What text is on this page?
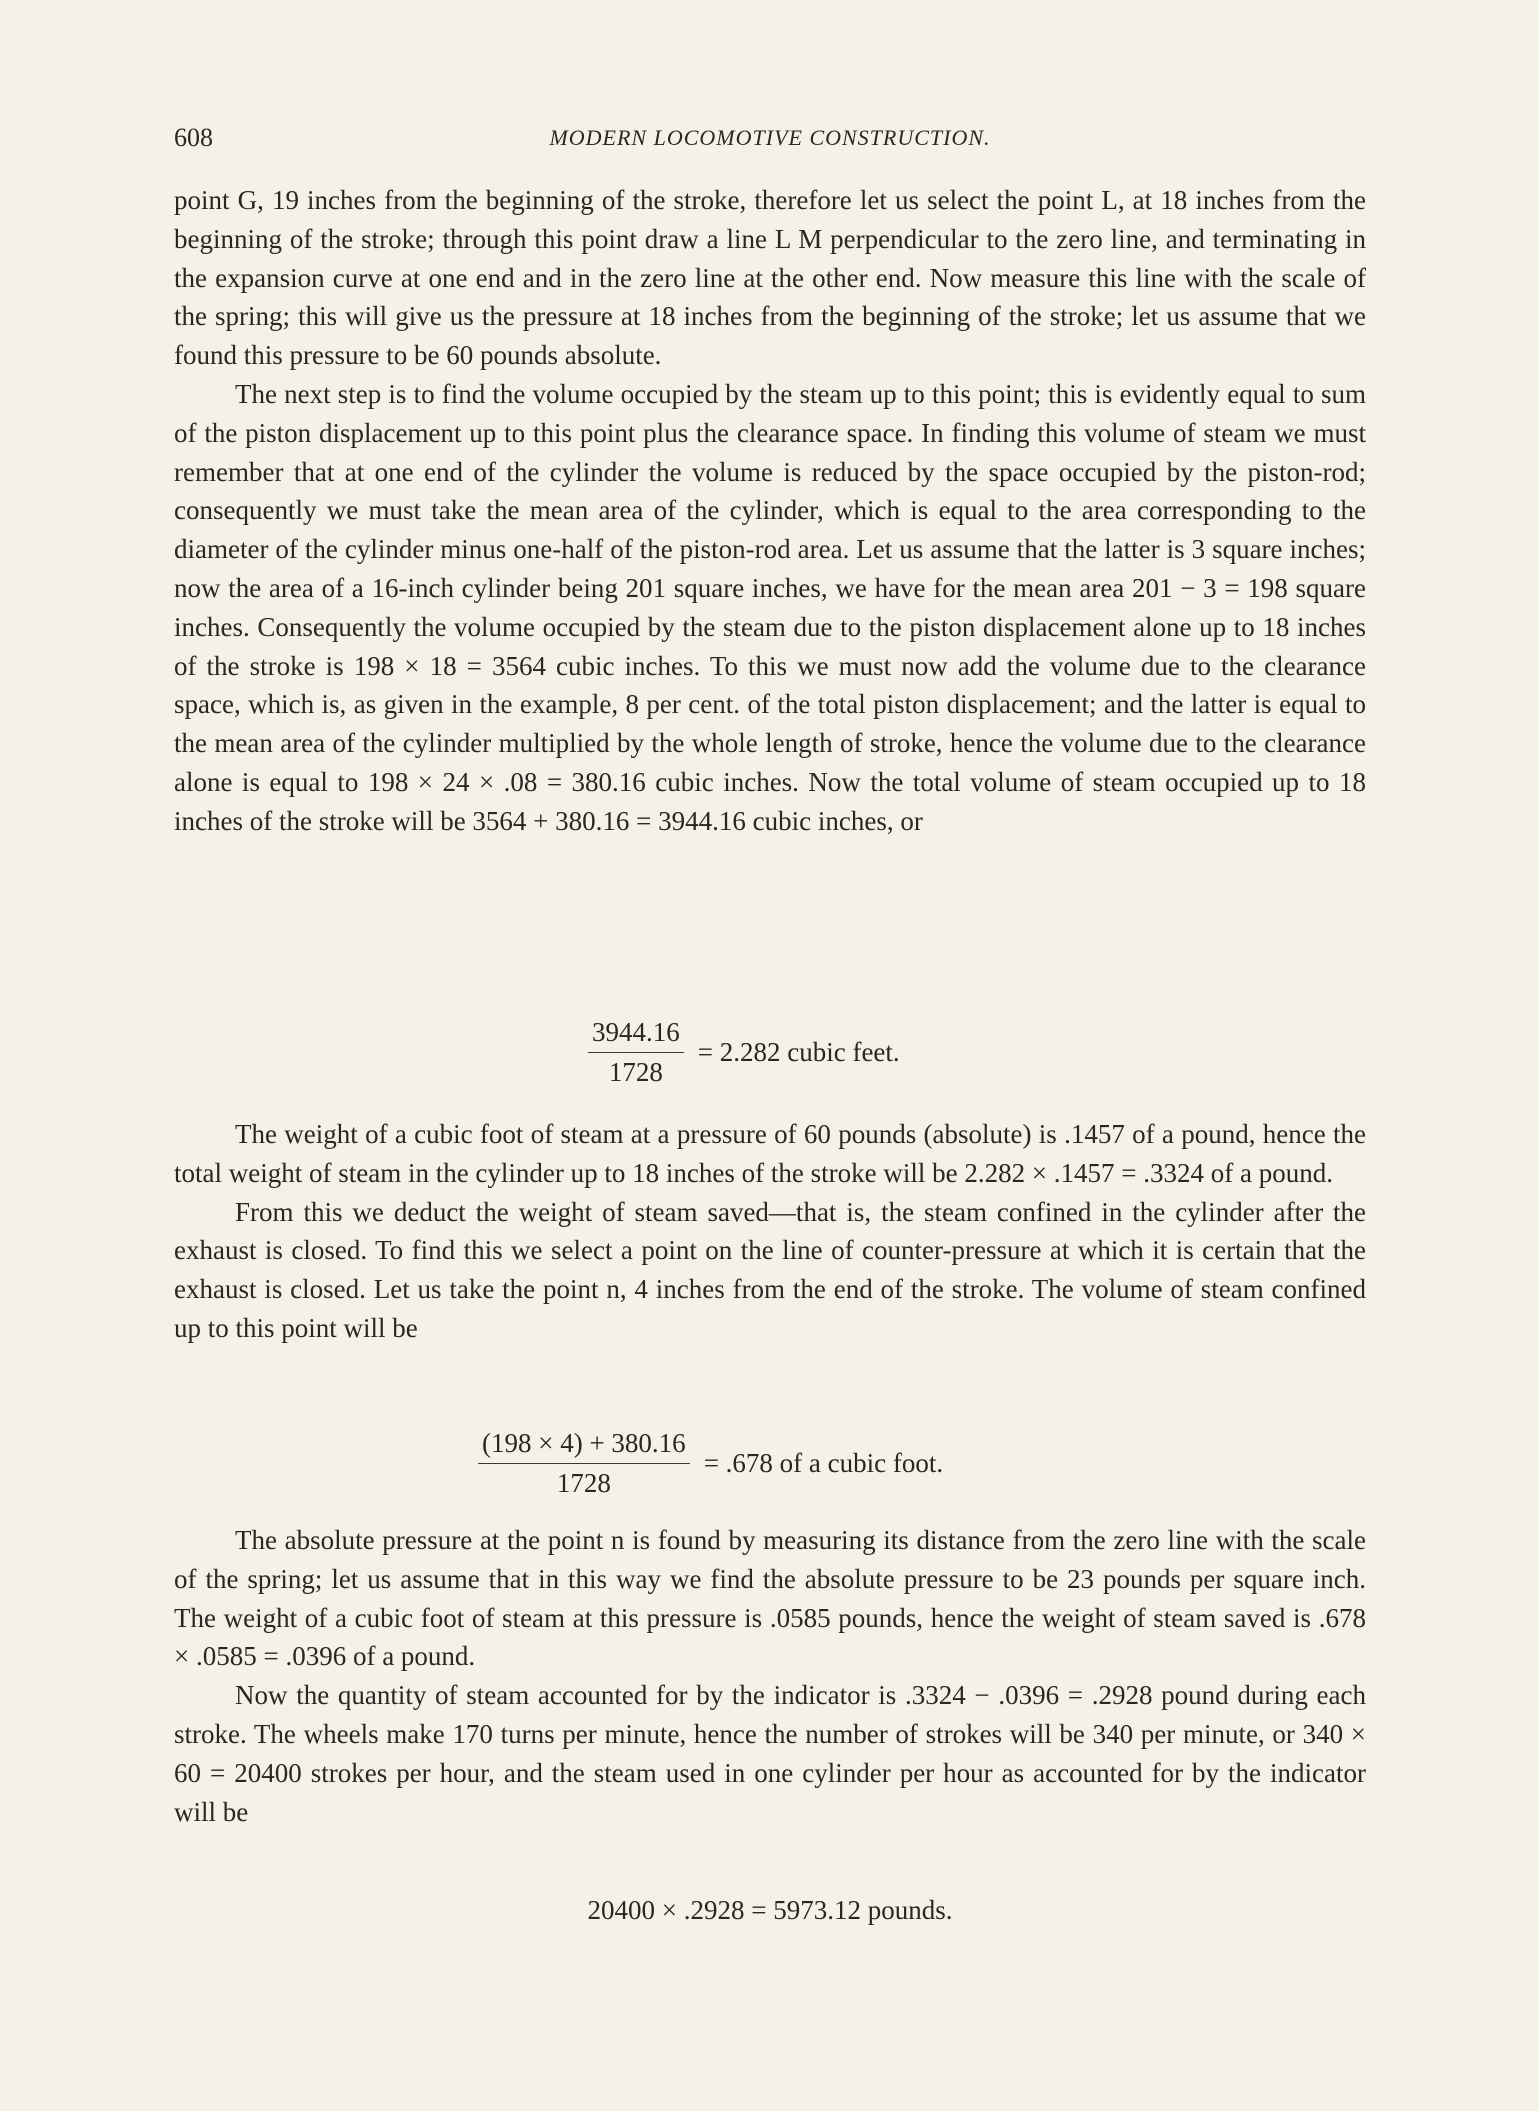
608	MODERN LOCOMOTIVE CONSTRUCTION.

point G, 19 inches from the beginning of the stroke, therefore let us select the point L, at 18 inches from the beginning of the stroke; through this point draw a line L M perpendicular to the zero line, and terminating in the expansion curve at one end and in the zero line at the other end. Now measure this line with the scale of the spring; this will give us the pressure at 18 inches from the beginning of the stroke; let us assume that we found this pressure to be 60 pounds absolute.

The next step is to find the volume occupied by the steam up to this point; this is evidently equal to sum of the piston displacement up to this point plus the clearance space. In finding this volume of steam we must remember that at one end of the cylinder the volume is reduced by the space occupied by the piston-rod; consequently we must take the mean area of the cylinder, which is equal to the area corresponding to the diameter of the cylinder minus one-half of the piston-rod area. Let us assume that the latter is 3 square inches; now the area of a 16-inch cylinder being 201 square inches, we have for the mean area 201 − 3 = 198 square inches. Consequently the volume occupied by the steam due to the piston displacement alone up to 18 inches of the stroke is 198 × 18 = 3564 cubic inches. To this we must now add the volume due to the clearance space, which is, as given in the example, 8 per cent. of the total piston displacement; and the latter is equal to the mean area of the cylinder multiplied by the whole length of stroke, hence the volume due to the clearance alone is equal to 198 × 24 × .08 = 380.16 cubic inches. Now the total volume of steam occupied up to 18 inches of the stroke will be 3564 + 380.16 = 3944.16 cubic inches, or

$\frac{3944.16}{1728} = 2.282$ cubic feet.

The weight of a cubic foot of steam at a pressure of 60 pounds (absolute) is .1457 of a pound, hence the total weight of steam in the cylinder up to 18 inches of the stroke will be 2.282 × .1457 = .3324 of a pound.

From this we deduct the weight of steam saved—that is, the steam confined in the cylinder after the exhaust is closed. To find this we select a point on the line of counter-pressure at which it is certain that the exhaust is closed. Let us take the point n, 4 inches from the end of the stroke. The volume of steam confined up to this point will be

$\frac{(198 \times 4) + 380.16}{1728} = .678$ of a cubic foot.

The absolute pressure at the point n is found by measuring its distance from the zero line with the scale of the spring; let us assume that in this way we find the absolute pressure to be 23 pounds per square inch. The weight of a cubic foot of steam at this pressure is .0585 pounds, hence the weight of steam saved is .678 × .0585 = .0396 of a pound.

Now the quantity of steam accounted for by the indicator is .3324 − .0396 = .2928 pound during each stroke. The wheels make 170 turns per minute, hence the number of strokes will be 340 per minute, or 340 × 60 = 20400 strokes per hour, and the steam used in one cylinder per hour as accounted for by the indicator will be

20400 × .2928 = 5973.12 pounds.
